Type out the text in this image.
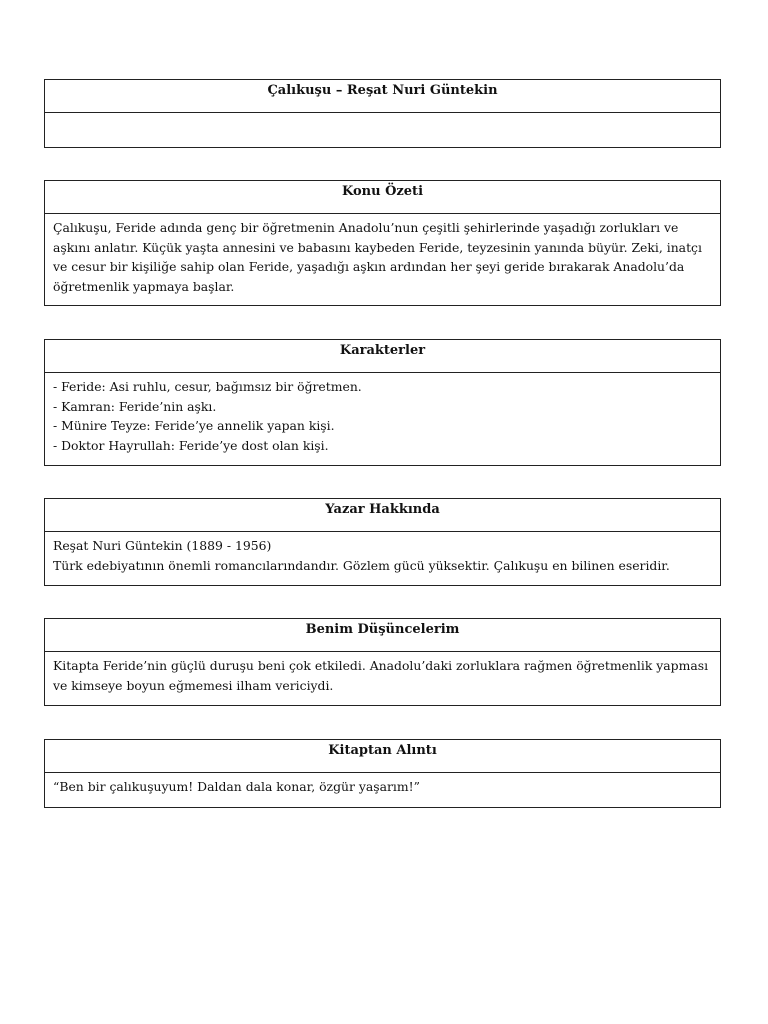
Çalıkuşu – Reşat Nuri Güntekin
Konu Özeti

Çalıkuşu, Feride adında genç bir öğretmenin Anadolu’nun çeşitli şehirlerinde yaşadığı zorlukları ve aşkını anlatır. Küçük yaşta annesini ve babasını kaybeden Feride, teyzesinin yanında büyür. Zeki, inatçı ve cesur bir kişiliğe sahip olan Feride, yaşadığı aşkın ardından her şeyi geride bırakarak Anadolu’da öğretmenlik yapmaya başlar.

Karakterler

- Feride: Asi ruhlu, cesur, bağımsız bir öğretmen.

- Kamran: Feride’nin aşkı.

- Münire Teyze: Feride’ye annelik yapan kişi.

- Doktor Hayrullah: Feride’ye dost olan kişi.

Yazar Hakkında

Reşat Nuri Güntekin (1889 - 1956)

Türk edebiyatının önemli romancılarındandır. Gözlem gücü yüksektir. Çalıkuşu en bilinen eseridir.

Benim Düşüncelerim

Kitapta Feride’nin güçlü duruşu beni çok etkiledi. Anadolu’daki zorluklara rağmen öğretmenlik yapması ve kimseye boyun eğmemesi ilham vericiydi.

Kitaptan Alıntı

“Ben bir çalıkuşuyum! Daldan dala konar, özgür yaşarım!”
